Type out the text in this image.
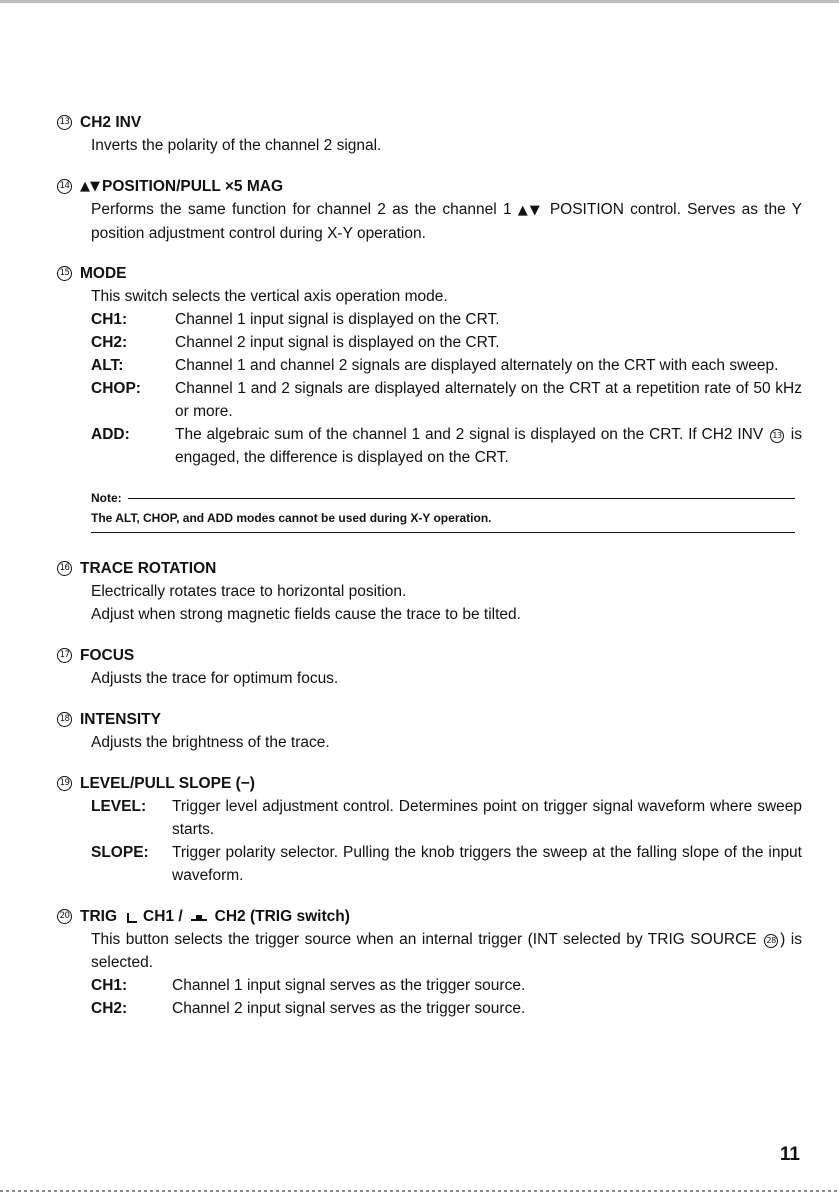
13 CH2 INV

Inverts the polarity of the channel 2 signal.

14 ▲▼ POSITION/PULL ×5 MAG

Performs the same function for channel 2 as the channel 1 ▲▼ POSITION control. Serves as the Y position adjustment control during X-Y operation.

15 MODE

This switch selects the vertical axis operation mode.

CH1:	Channel 1 input signal is displayed on the CRT.

CH2:	Channel 2 input signal is displayed on the CRT.

ALT:	Channel 1 and channel 2 signals are displayed alternately on the CRT with each sweep.

CHOP:	Channel 1 and 2 signals are displayed alternately on the CRT at a repetition rate of 50 kHz or more.

ADD:	The algebraic sum of the channel 1 and 2 signal is displayed on the CRT. If CH2 INV 13 is engaged, the difference is displayed on the CRT.

Note:
The ALT, CHOP, and ADD modes cannot be used during X-Y operation.
16 TRACE ROTATION

Electrically rotates trace to horizontal position.

Adjust when strong magnetic fields cause the trace to be tilted.

17 FOCUS

Adjusts the trace for optimum focus.

18 INTENSITY

Adjusts the brightness of the trace.

19 LEVEL/PULL SLOPE (−)
LEVEL:	Trigger level adjustment control. Determines point on trigger signal waveform where sweep starts.

SLOPE:	Trigger polarity selector. Pulling the knob triggers the sweep at the falling slope of the input waveform.

20 TRIG CH1 / CH2 (TRIG switch)

This button selects the trigger source when an internal trigger (INT selected by TRIG SOURCE 28 ) is selected.

CH1:	Channel 1 input signal serves as the trigger source.

CH2:	Channel 2 input signal serves as the trigger source.

11
